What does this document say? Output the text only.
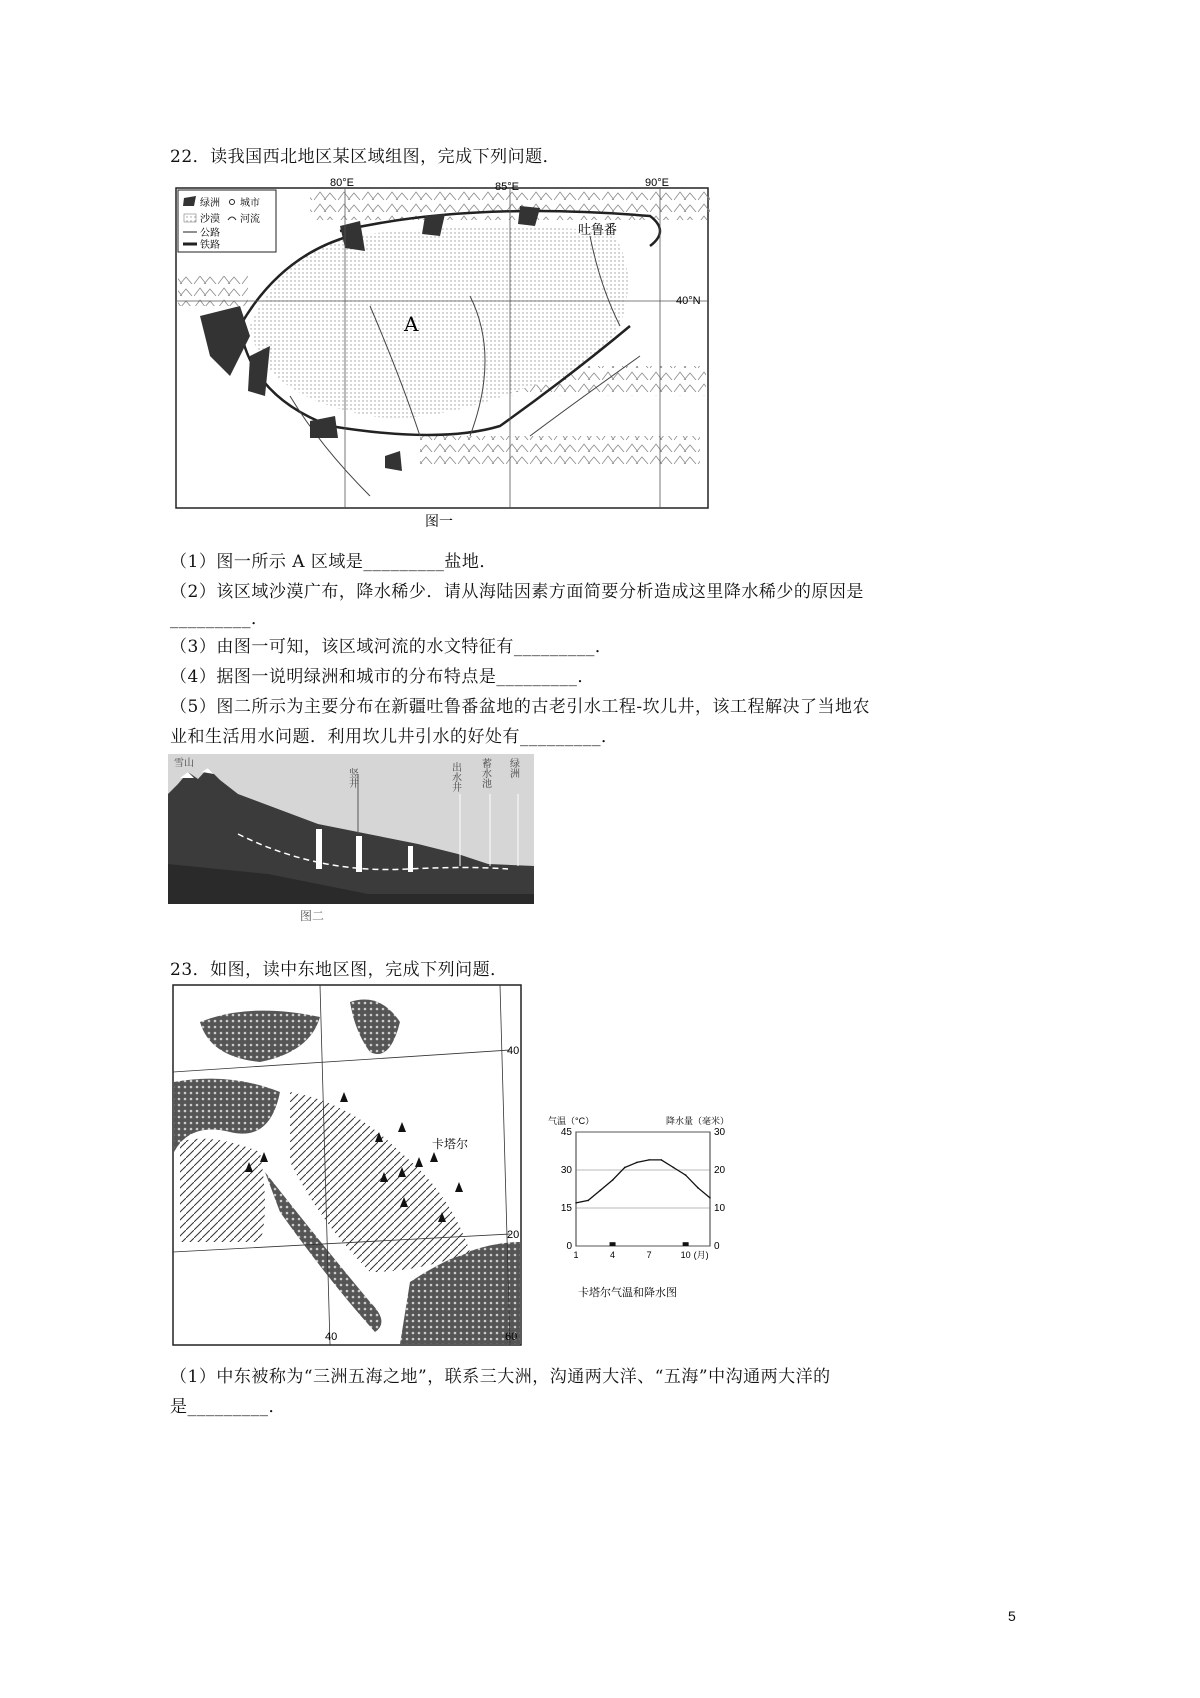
22．读我国西北地区某区域组图，完成下列问题．
绿洲 城市
沙漠 河流
公路
铁路
80°E	85°E	90°E
40°N
A
吐鲁番
图一
（1）图一所示 A 区域是_________盐地．
（2）该区域沙漠广布，降水稀少．请从海陆因素方面简要分析造成这里降水稀少的原因是
_________．
（3）由图一可知，该区域河流的水文特征有_________．
（4）据图一说明绿洲和城市的分布特点是_________．
（5）图二所示为主要分布在新疆吐鲁番盆地的古老引水工程-坎儿井，该工程解决了当地农
业和生活用水问题．利用坎儿井引水的好处有_________．
雪山
竖井	出水井 蓄水池 绿洲
图二
23．如图，读中东地区图，完成下列问题．
40
20
40	60
卡塔尔
气温（°C）	降水量（毫米）
卡塔尔气温和降水图
0
15
30
45
0
10
20
30
1	4	7	10 (月)
（1）中东被称为“三洲五海之地”，联系三大洲，沟通两大洋、“五海”中沟通两大洋的
是_________．
5
